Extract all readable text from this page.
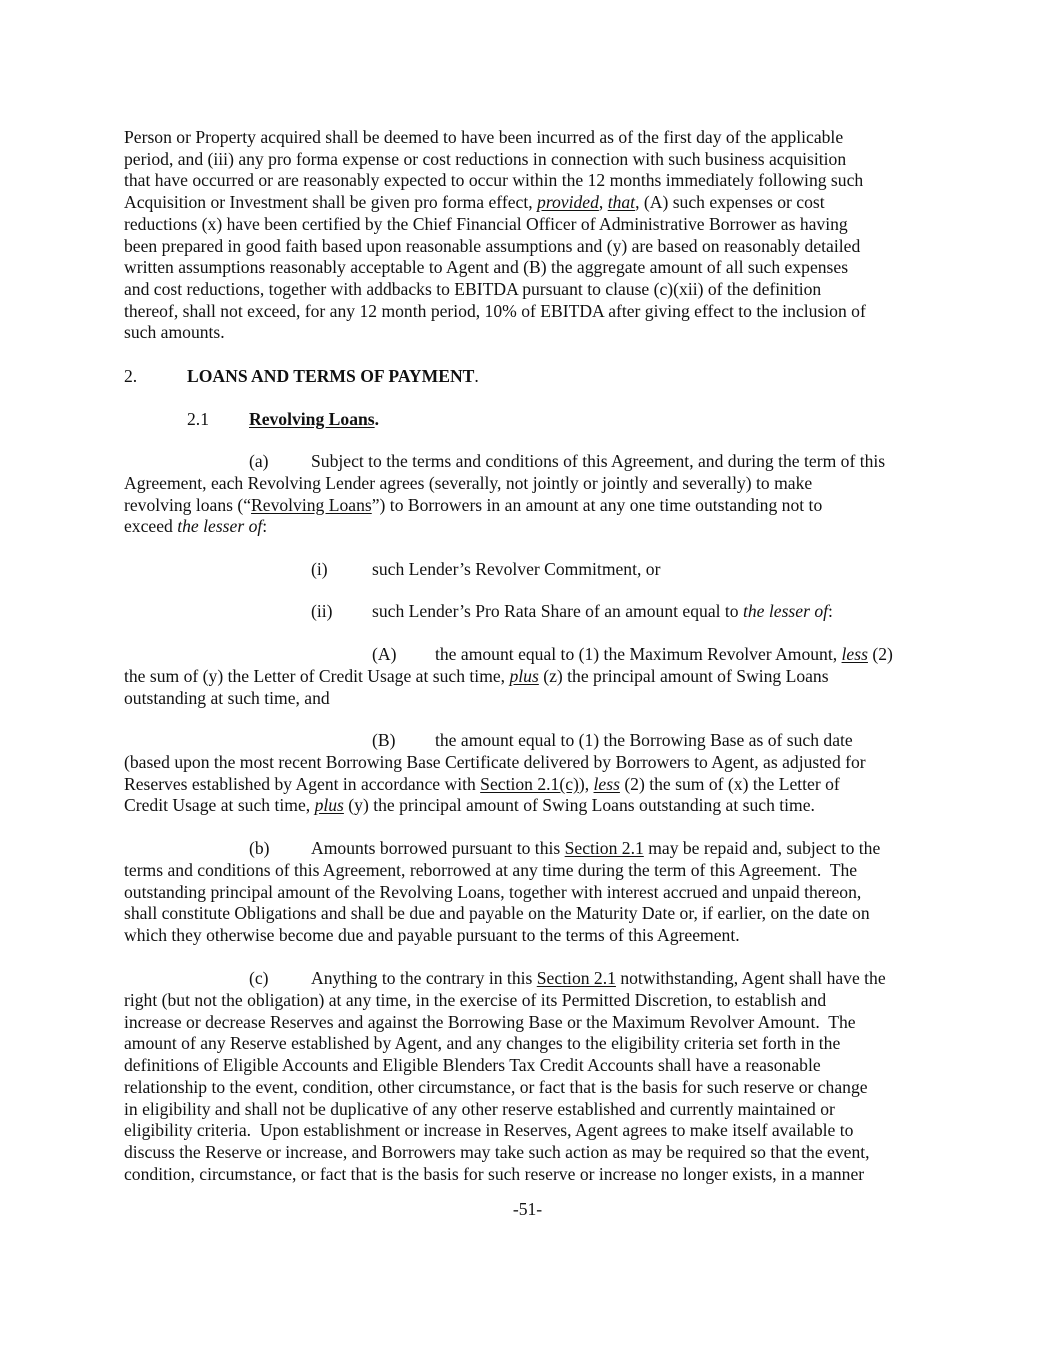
Person or Property acquired shall be deemed to have been incurred as of the first day of the applicable
period, and (iii) any pro forma expense or cost reductions in connection with such business acquisition
that have occurred or are reasonably expected to occur within the 12 months immediately following such
Acquisition or Investment shall be given pro forma effect, provided, that, (A) such expenses or cost
reductions (x) have been certified by the Chief Financial Officer of Administrative Borrower as having
been prepared in good faith based upon reasonable assumptions and (y) are based on reasonably detailed
written assumptions reasonably acceptable to Agent and (B) the aggregate amount of all such expenses
and cost reductions, together with addbacks to EBITDA pursuant to clause (c)(xii) of the definition
thereof, shall not exceed, for any 12 month period, 10% of EBITDA after giving effect to the inclusion of
such amounts.
2.	LOANS AND TERMS OF PAYMENT.
2.1 Revolving Loans.
(a) Subject to the terms and conditions of this Agreement, and during the term of this
Agreement, each Revolving Lender agrees (severally, not jointly or jointly and severally) to make
revolving loans (“Revolving Loans”) to Borrowers in an amount at any one time outstanding not to
exceed the lesser of:
(i)	such Lender’s Revolver Commitment, or
(ii) such Lender’s Pro Rata Share of an amount equal to the lesser of:
(A) the amount equal to (1) the Maximum Revolver Amount, less (2)
the sum of (y) the Letter of Credit Usage at such time, plus (z) the principal amount of Swing Loans
outstanding at such time, and
(B) the amount equal to (1) the Borrowing Base as of such date
(based upon the most recent Borrowing Base Certificate delivered by Borrowers to Agent, as adjusted for
Reserves established by Agent in accordance with Section 2.1(c)), less (2) the sum of (x) the Letter of
Credit Usage at such time, plus (y) the principal amount of Swing Loans outstanding at such time.
(b) Amounts borrowed pursuant to this Section 2.1 may be repaid and, subject to the
terms and conditions of this Agreement, reborrowed at any time during the term of this Agreement.  The
outstanding principal amount of the Revolving Loans, together with interest accrued and unpaid thereon,
shall constitute Obligations and shall be due and payable on the Maturity Date or, if earlier, on the date on
which they otherwise become due and payable pursuant to the terms of this Agreement.
(c) Anything to the contrary in this Section 2.1 notwithstanding, Agent shall have the
right (but not the obligation) at any time, in the exercise of its Permitted Discretion, to establish and
increase or decrease Reserves and against the Borrowing Base or the Maximum Revolver Amount.  The
amount of any Reserve established by Agent, and any changes to the eligibility criteria set forth in the
definitions of Eligible Accounts and Eligible Blenders Tax Credit Accounts shall have a reasonable
relationship to the event, condition, other circumstance, or fact that is the basis for such reserve or change
in eligibility and shall not be duplicative of any other reserve established and currently maintained or
eligibility criteria.  Upon establishment or increase in Reserves, Agent agrees to make itself available to
discuss the Reserve or increase, and Borrowers may take such action as may be required so that the event,
condition, circumstance, or fact that is the basis for such reserve or increase no longer exists, in a manner
-51-
